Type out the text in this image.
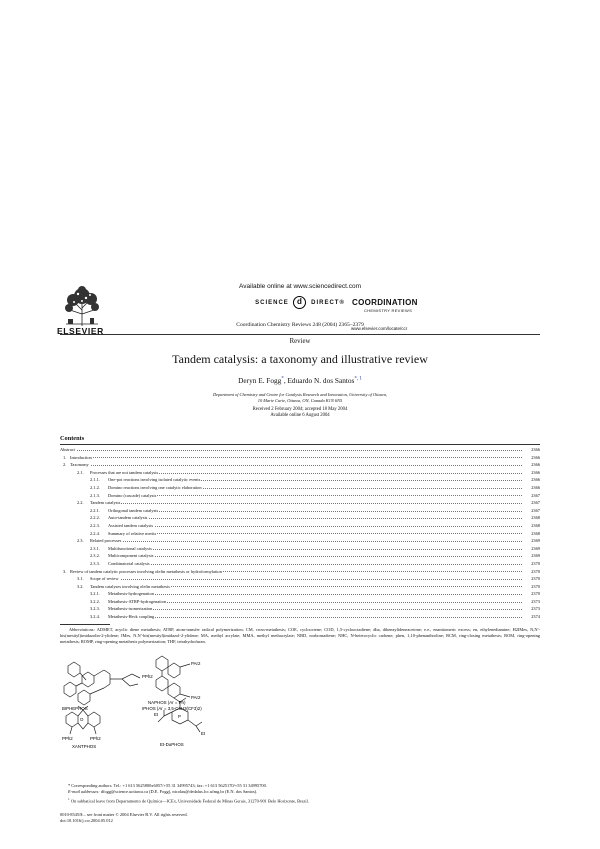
ELSEVIER
Available online at www.sciencedirect.com
SCIENCE d DIRECT®
Coordination Chemistry Reviews 248 (2004) 2365–2379
COORDINATION
CHEMISTRY REVIEWS
www.elsevier.com/locate/ccr
Review
Tandem catalysis: a taxonomy and illustrative review
Deryn E. Fogg*, Eduardo N. dos Santos$^{*, 1}$
Department of Chemistry and Centre for Catalysis Research and Innovation, University of Ottawa,
10 Marie Curie, Ottawa, ON, Canada K1N 6N5
Received 2 February 2004; accepted 18 May 2004
Available online 6 August 2004
Contents
Abstract	2366
1. Introduction	2366
2. Taxonomy	2366
2.1. Processes that are not tandem catalysis	2366
2.1.1. One-pot reactions involving isolated catalytic events	2366
2.1.2. Domino reactions involving one catalytic elaboration	2366
2.1.3. Domino (cascade) catalysis	2367
2.2. Tandem catalysis	2367
2.2.1. Orthogonal tandem catalysis	2367
2.2.2. Auto-tandem catalysis	2368
2.2.3. Assisted tandem catalysis	2368
2.2.4. Summary of relative merits	2368
2.3. Related processes	2369
2.3.1. Multifunctional catalysis	2369
2.3.2. Multicomponent catalysis	2369
2.3.3. Combinatorial catalysis	2370
3. Review of tandem catalytic processes involving olefin metathesis or hydroformylation	2370
3.1. Scope of review	2370
3.2. Tandem catalyses involving olefin metathesis	2370
3.2.1. Metathesis-hydrogenation	2370
3.2.2. Metathesis-ATRP-hydrogenation	2373
3.2.3. Metathesis-isomerization	2373
3.2.4. Metathesis-Heck coupling	2374
Abbreviations: ADMET, acyclic diene metathesis; ATRP, atom-transfer radical polymerization; CM, cross-metathesis; COE, cyclooctene; COD, 1,5-cyclooctadiene; dba, dibenzylideneacetone; e.e., enantiomeric excess; en, ethylenediamine; H2IMes, N,N′-bis(mesityl)imidazolin-2-ylidene; IMes, N,N′-bis(mesityl)imidazol-2-ylidene; MA, methyl acrylate; MMA, methyl methacrylate; NBD, norbornadiene; NHC, N-heterocyclic carbene; phen, 1,10-phenanthroline; RCM, ring-closing metathesis; ROM, ring-opening metathesis; ROMP, ring-opening metathesis polymerization; THF, tetrahydrofuran.
BIPHEPHOS
PPh2
PAr2
PAr2
NAPHOS (Ar = Ph)
IPHOS (Ar = 3,5-C6H3(CF3)2)
O
PPh2	PPh2
XANTPHOS
P
Et
Et
Et-DuPHOS

* Corresponding authors. Tel.: +1 613 5625800x6057/+55 31 34995743; fax: +1 613 5625170/+55 31 34995700.

E-mail addresses: dfogg@science.uottawa.ca (D.E. Fogg), nicolau@dedalus.lcc.ufmg.br (E.N. dos Santos).

$^1$ On sabbatical leave from Departamento de Química—ICEx, Universidade Federal de Minas Gerais, 31270-901 Belo Horizonte, Brazil.

0010-8545/$ – see front matter © 2004 Elsevier B.V. All rights reserved.
doi:10.1016/j.ccr.2004.05.012
